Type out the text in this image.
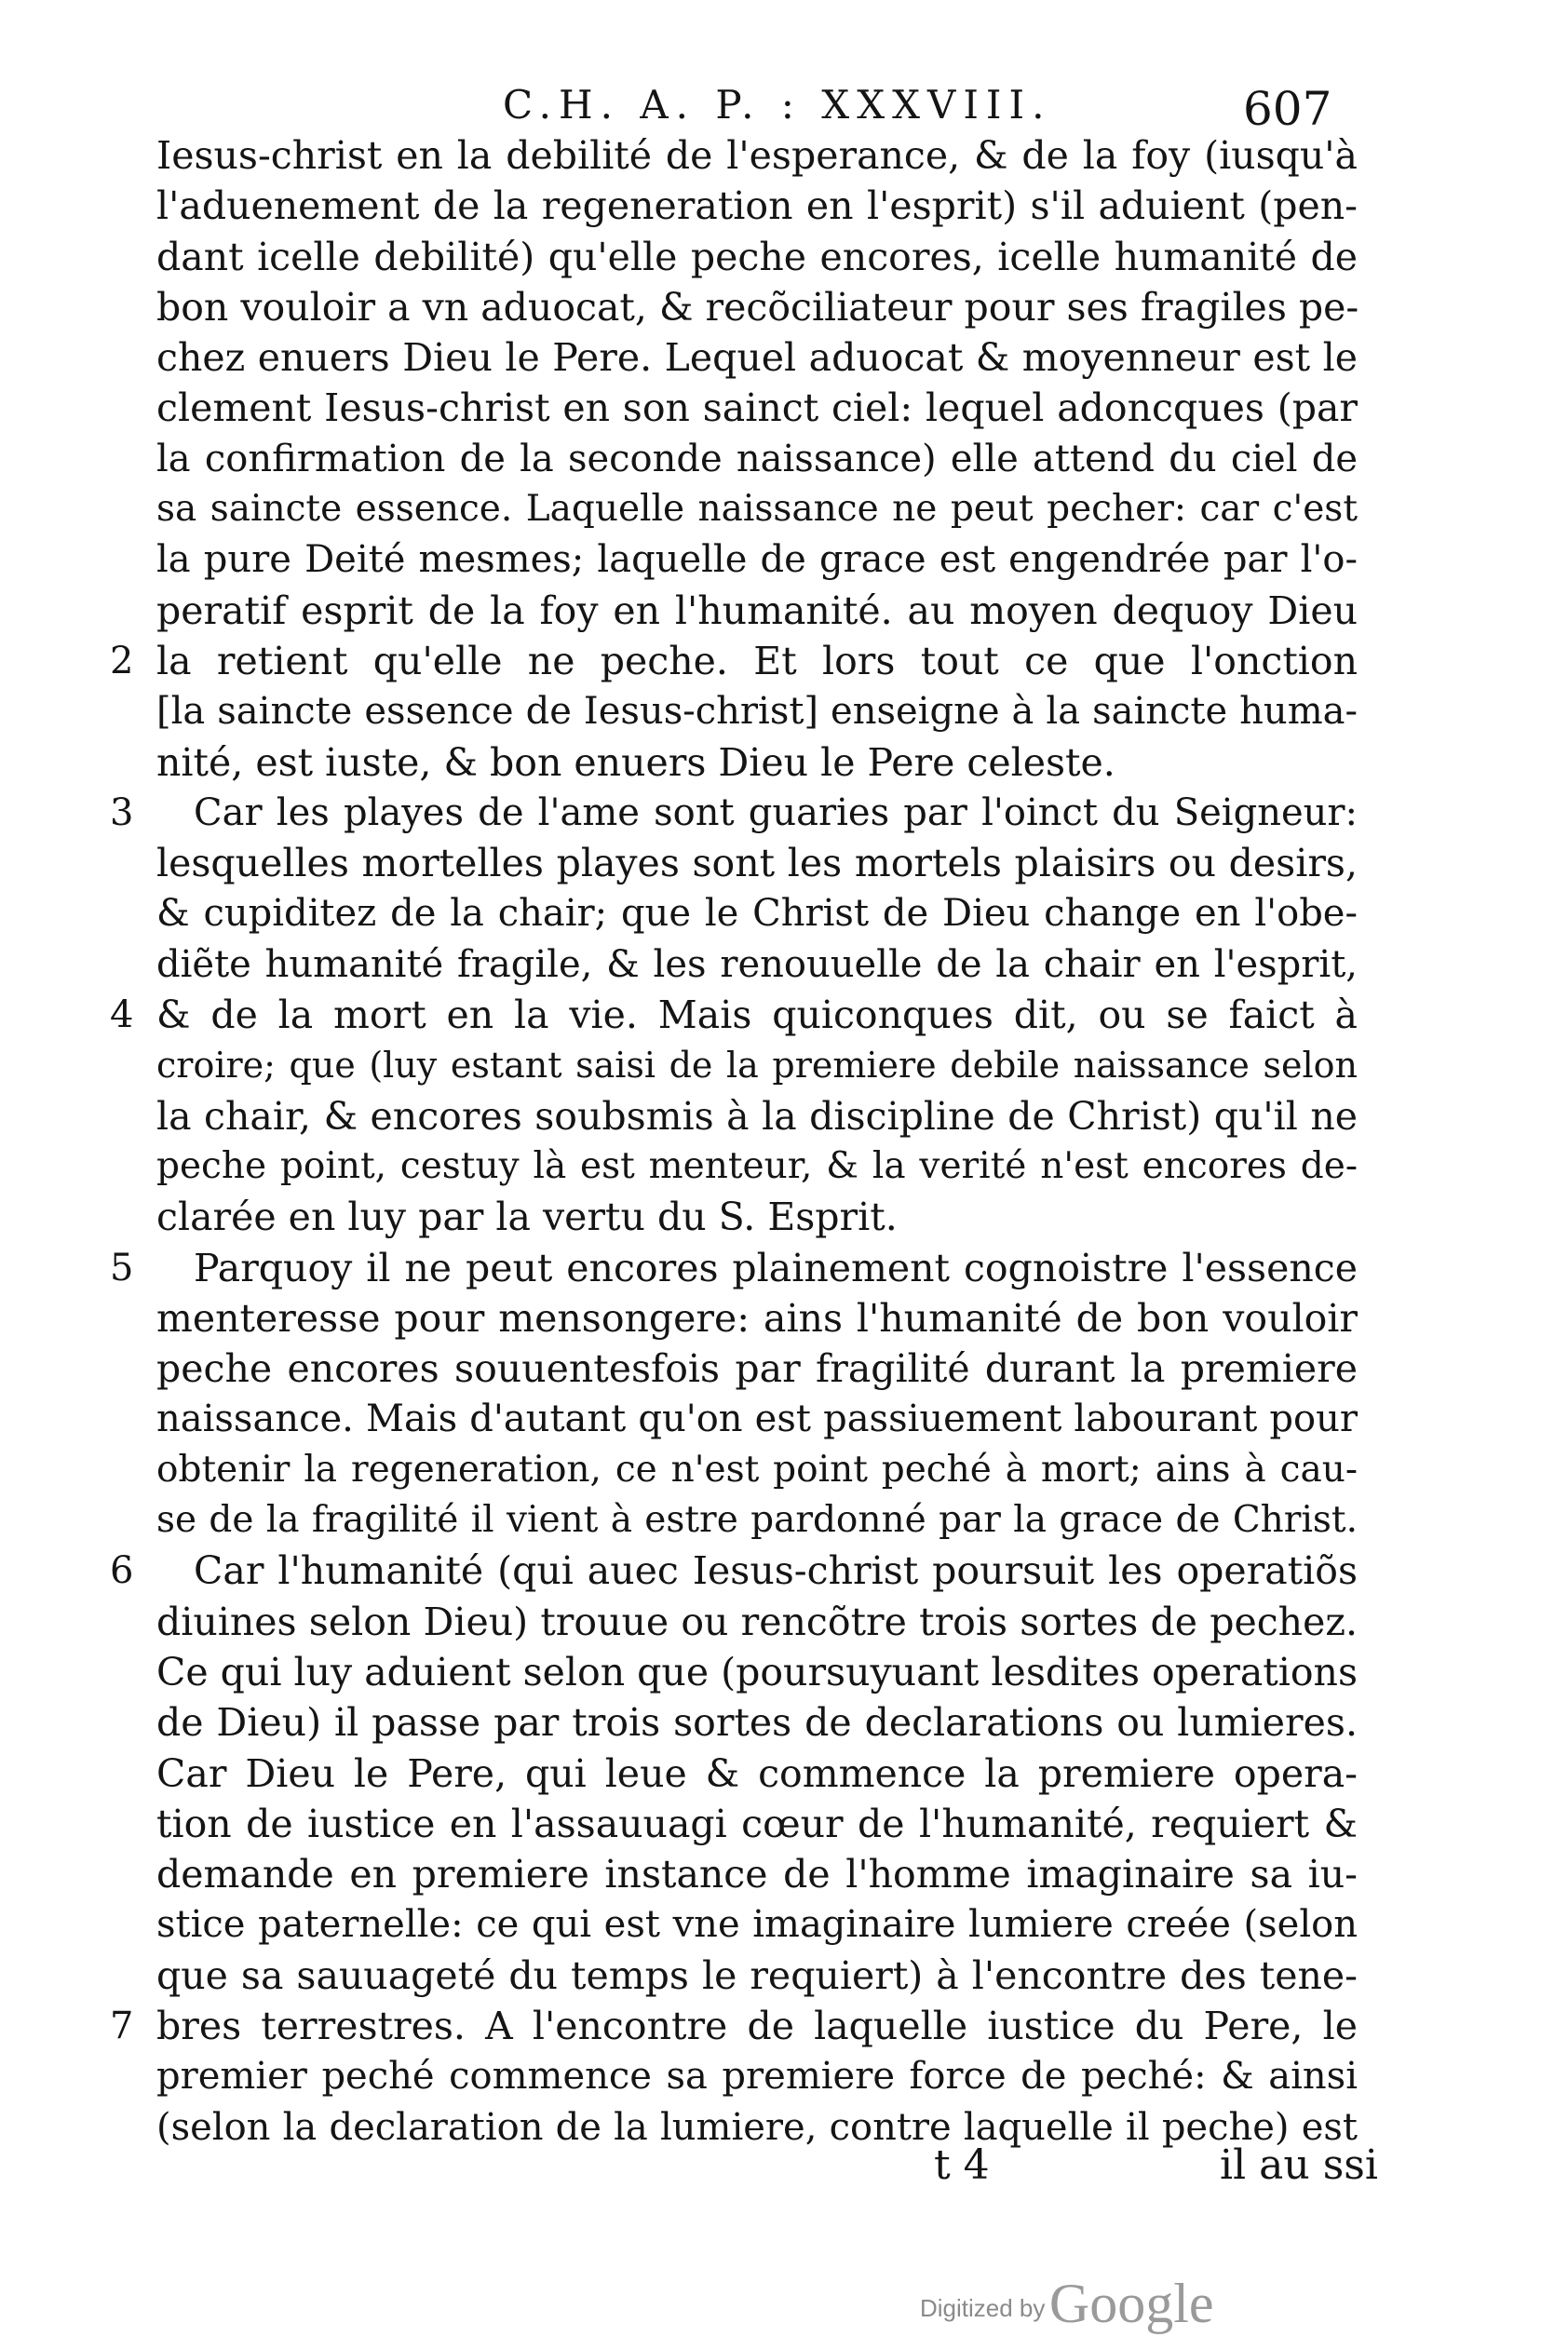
C.H. A. P. : XXXVIII.	607
Iesus-christ en la debilité de l'esperance, & de la foy (iusqu'à
l'aduenement de la regeneration en l'esprit) s'il aduient (pen-
dant icelle debilité) qu'elle peche encores, icelle humanité de
bon vouloir a vn aduocat, & recõciliateur pour ses fragiles pe-
chez enuers Dieu le Pere. Lequel aduocat & moyenneur est le
clement Iesus-christ en son sainct ciel: lequel adoncques (par
la confirmation de la seconde naissance) elle attend du ciel de
sa saincte essence. Laquelle naissance ne peut pecher: car c'est
la pure Deité mesmes; laquelle de grace est engendrée par l'o-
peratif esprit de la foy en l'humanité. au moyen dequoy Dieu
2 la retient qu'elle ne peche. Et lors tout ce que l'onction
[la saincte essence de Iesus-christ] enseigne à la saincte huma-
nité, est iuste, & bon enuers Dieu le Pere celeste.
3 Car les playes de l'ame sont guaries par l'oinct du Seigneur:
lesquelles mortelles playes sont les mortels plaisirs ou desirs,
& cupiditez de la chair; que le Christ de Dieu change en l'obe-
diẽte humanité fragile, & les renouuelle de la chair en l'esprit,
4 & de la mort en la vie. Mais quiconques dit, ou se faict à
croire; que (luy estant saisi de la premiere debile naissance selon
la chair, & encores soubsmis à la discipline de Christ) qu'il ne
peche point, cestuy là est menteur, & la verité n'est encores de-
clarée en luy par la vertu du S. Esprit.
5 Parquoy il ne peut encores plainement cognoistre l'essence
menteresse pour mensongere: ains l'humanité de bon vouloir
peche encores souuentesfois par fragilité durant la premiere
naissance. Mais d'autant qu'on est passiuement labourant pour
obtenir la regeneration, ce n'est point peché à mort; ains à cau-
se de la fragilité il vient à estre pardonné par la grace de Christ.
6 Car l'humanité (qui auec Iesus-christ poursuit les operatiõs
diuines selon Dieu) trouue ou rencõtre trois sortes de pechez.
Ce qui luy aduient selon que (poursuyuant lesdites operations
de Dieu) il passe par trois sortes de declarations ou lumieres.
Car Dieu le Pere, qui leue & commence la premiere opera-
tion de iustice en l'assauuagi cœur de l'humanité, requiert &
demande en premiere instance de l'homme imaginaire sa iu-
stice paternelle: ce qui est vne imaginaire lumiere creée (selon
que sa sauuageté du temps le requiert) à l'encontre des tene-
7 bres terrestres. A l'encontre de laquelle iustice du Pere, le
premier peché commence sa premiere force de peché: & ainsi
(selon la declaration de la lumiere, contre laquelle il peche) est
t 4	il au ssi
Digitized by Google
